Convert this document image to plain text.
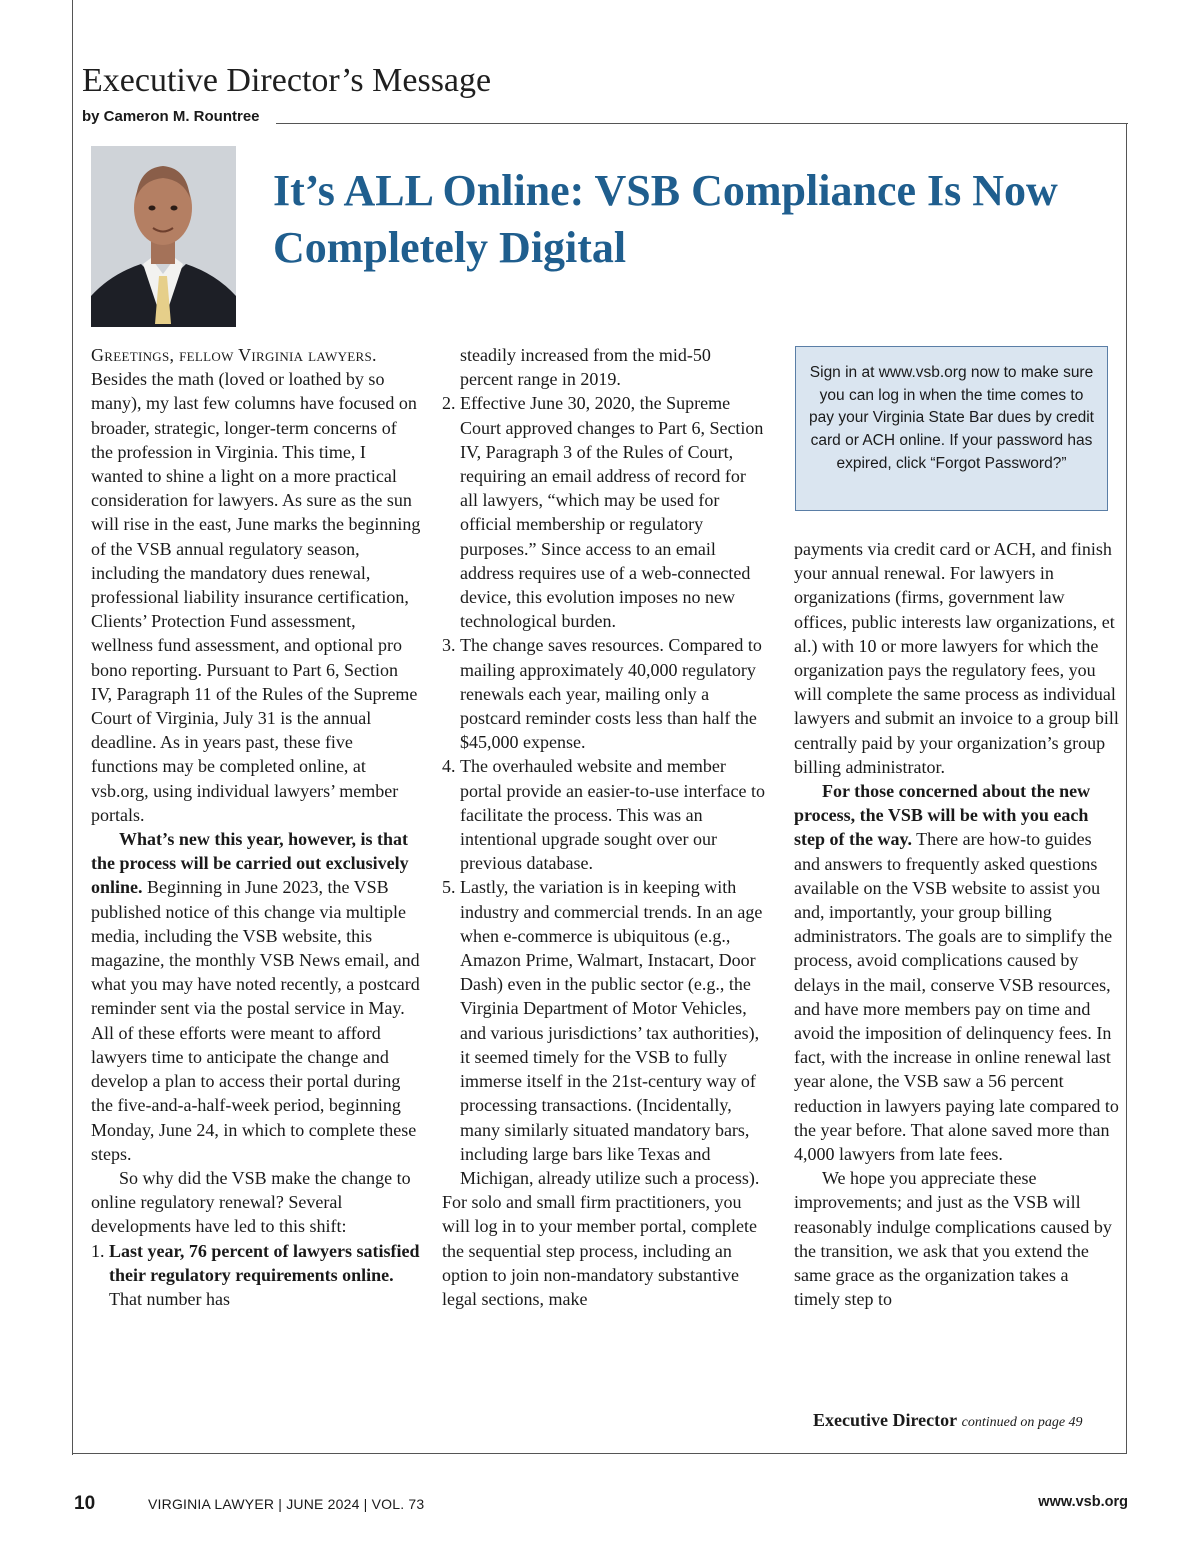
Executive Director’s Message
by Cameron M. Rountree
It’s ALL Online: VSB Compliance Is Now Completely Digital

Greetings, fellow Virginia lawyers. Besides the math (loved or loathed by so many), my last few columns have focused on broader, strategic, longer-term concerns of the profession in Virginia. This time, I wanted to shine a light on a more practical consideration for lawyers. As sure as the sun will rise in the east, June marks the beginning of the VSB annual regulatory season, including the mandatory dues renewal, professional liability insurance certification, Clients’ Protection Fund assessment, wellness fund assessment, and optional pro bono reporting. Pursuant to Part 6, Section IV, Paragraph 11 of the Rules of the Supreme Court of Virginia, July 31 is the annual deadline. As in years past, these five functions may be completed online, at vsb.org, using individual lawyers’ member portals.

What’s new this year, however, is that the process will be carried out exclusively online. Beginning in June 2023, the VSB published notice of this change via multiple media, including the VSB website, this magazine, the monthly VSB News email, and what you may have noted recently, a postcard reminder sent via the postal service in May. All of these efforts were meant to afford lawyers time to anticipate the change and develop a plan to access their portal during the five-and-a-half-week period, beginning Monday, June 24, in which to complete these steps.

So why did the VSB make the change to online regulatory renewal? Several developments have led to this shift:

1. Last year, 76 percent of lawyers satisfied their regulatory requirements online. That number has
steadily increased from the mid-50 percent range in 2019.
2. Effective June 30, 2020, the Supreme Court approved changes to Part 6, Section IV, Paragraph 3 of the Rules of Court, requiring an email address of record for all lawyers, “which may be used for official membership or regulatory purposes.” Since access to an email address requires use of a web-connected device, this evolution imposes no new technological burden.
3. The change saves resources. Compared to mailing approximately 40,000 regulatory renewals each year, mailing only a postcard reminder costs less than half the $45,000 expense.
4. The overhauled website and member portal provide an easier-to-use interface to facilitate the process. This was an intentional upgrade sought over our previous database.
5. Lastly, the variation is in keeping with industry and commercial trends. In an age when e-commerce is ubiquitous (e.g., Amazon Prime, Walmart, Instacart, Door Dash) even in the public sector (e.g., the Virginia Department of Motor Vehicles, and various jurisdictions’ tax authorities), it seemed timely for the VSB to fully immerse itself in the 21st-century way of processing transactions. (Incidentally, many similarly situated mandatory bars, including large bars like Texas and Michigan, already utilize such a process).

For solo and small firm practitioners, you will log in to your member portal, complete the sequential step process, including an option to join non-mandatory substantive legal sections, make

Sign in at www.vsb.org now to make sure you can log in when the time comes to pay your Virginia State Bar dues by credit card or ACH online. If your password has expired, click “Forgot Password?”

payments via credit card or ACH, and finish your annual renewal. For lawyers in organizations (firms, government law offices, public interests law organizations, et al.) with 10 or more lawyers for which the organization pays the regulatory fees, you will complete the same process as individual lawyers and submit an invoice to a group bill centrally paid by your organization’s group billing administrator.

For those concerned about the new process, the VSB will be with you each step of the way. There are how-to guides and answers to frequently asked questions available on the VSB website to assist you and, importantly, your group billing administrators. The goals are to simplify the process, avoid complications caused by delays in the mail, conserve VSB resources, and have more members pay on time and avoid the imposition of delinquency fees. In fact, with the increase in online renewal last year alone, the VSB saw a 56 percent reduction in lawyers paying late compared to the year before. That alone saved more than 4,000 lawyers from late fees.

We hope you appreciate these improvements; and just as the VSB will reasonably indulge complications caused by the transition, we ask that you extend the same grace as the organization takes a timely step to

Executive Director continued on page 49
10	VIRGINIA LAWYER | JUNE 2024 | VOL. 73	www.vsb.org
